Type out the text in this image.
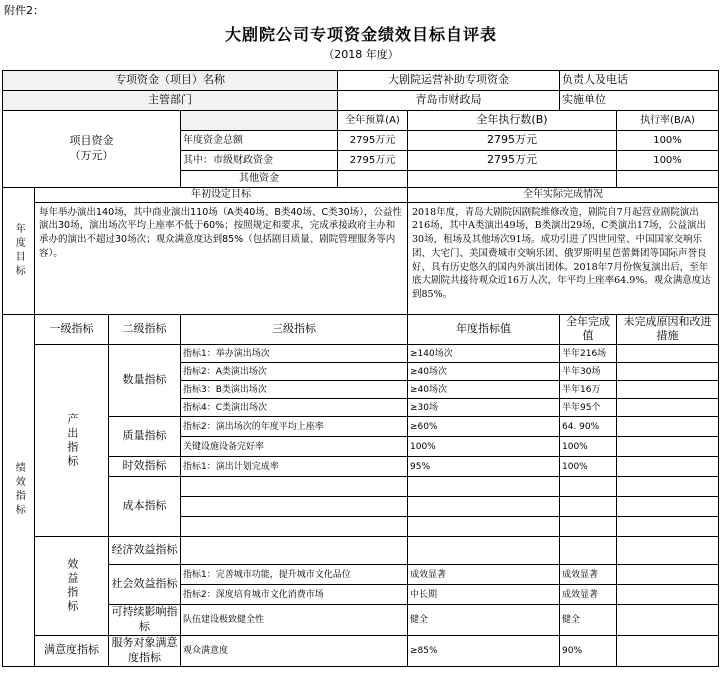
附件2：
大剧院公司专项资金绩效目标自评表
（2018 年度）
专项资金（项目）名称				大剧院运营补助专项资金		负责人及电话	
主管部门				青岛市财政局		实施单位	
项目资金
（万元）				全年预算(A)	全年执行数(B)		执行率(B/A)
			年度资金总额	2795万元	2795万元		100%
			其中：市级财政资金	2795万元	2795万元		100%
			其他资金				
年度目标	年初设定目标				全年实际完成情况		
	每年举办演出140场，其中商业演出110场（A类40场、B类40场、C类30场），公益性演出30场，演出场次平均上座率不低于60%；按照规定和要求，完成承接政府主办和承办的演出不超过30场次；观众满意度达到85%（包括剧目质量、剧院管理服务等内容）。				2018年度，青岛大剧院因剧院维修改造，剧院自7月起营业剧院演出216场，其中A类演出49场，B类演出29场，C类演出17场，公益演出30场，租场及其他场次91场。成功引进了四世同堂、中国国家交响乐团、大宅门、美国费城市交响乐团、俄罗斯明星芭蕾舞团等国际声誉良好、具有历史悠久的国内外演出团体。2018年7月份恢复演出后，至年底大剧院共接待观众近16万人次，年平均上座率64.9%。观众满意度达到85%。		
绩效指标	一级指标	二级指标	三级指标		年度指标值	全年完成值	未完成原因和改进措施
	产出指标	数量指标	指标1：举办演出场次		≥140场次	半年216场	
			指标2：A类演出场次		≥40场次	半年30场	
			指标3：B类演出场次		≥40场次	半年16万	
			指标4：C类演出场次		≥30场	半年95个	
		质量指标	指标2：演出场次的年度平均上座率		≥60%	64. 90%	
			关键设施设备完好率		100%	100%	
		时效指标	指标1：演出计划完成率		95%	100%	
		成本指标					

	效益指标	经济效益指标					
		社会效益指标	指标1：完善城市功能，提升城市文化品位		成效显著	成效显著	
			指标2：深度培育城市文化消费市场		中长期	成效显著	
		可持续影响指标	队伍建设极致健全性		健全	健全	
	满意度指标	服务对象满意度指标	观众满意度		≥85%	90%	
